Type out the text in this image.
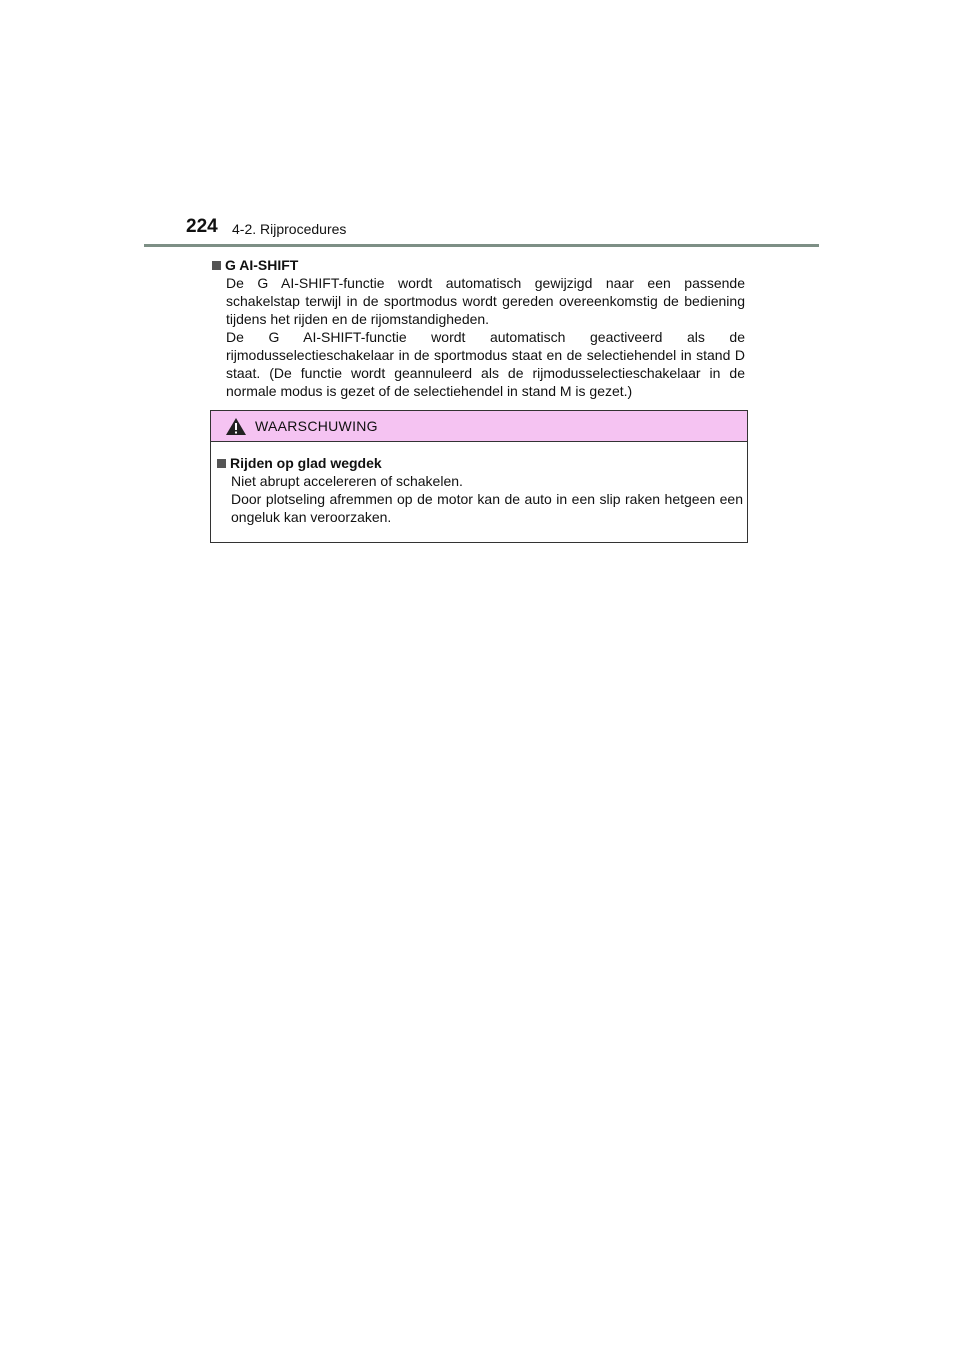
224 4-2. Rijprocedures
G AI-SHIFT

De G AI-SHIFT-functie wordt automatisch gewijzigd naar een passende schakelstap terwijl in de sportmodus wordt gereden overeenkomstig de bediening tijdens het rijden en de rijomstandigheden.

De G AI-SHIFT-functie wordt automatisch geactiveerd als de rijmodusselectieschakelaar in de sportmodus staat en de selectiehendel in stand D staat. (De functie wordt geannuleerd als de rijmodusselectieschakelaar in de normale modus is gezet of de selectiehendel in stand M is gezet.)

WAARSCHUWING
Rijden op glad wegdek

Niet abrupt accelereren of schakelen.

Door plotseling afremmen op de motor kan de auto in een slip raken hetgeen een ongeluk kan veroorzaken.
